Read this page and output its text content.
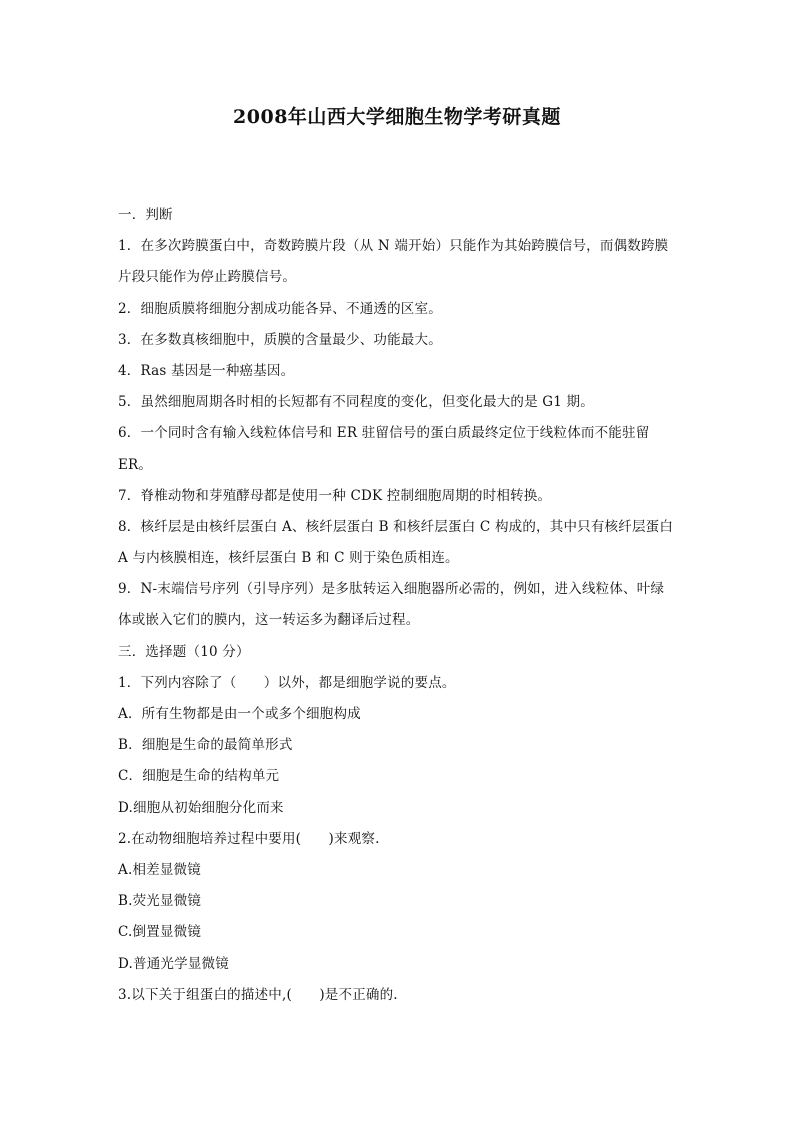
2008年山西大学细胞生物学考研真题
一．判断
1．在多次跨膜蛋白中，奇数跨膜片段（从 N 端开始）只能作为其始跨膜信号，而偶数跨膜
片段只能作为停止跨膜信号。
2．细胞质膜将细胞分割成功能各异、不通透的区室。
3．在多数真核细胞中，质膜的含量最少、功能最大。
4．Ras 基因是一种癌基因。
5．虽然细胞周期各时相的长短都有不同程度的变化，但变化最大的是 G1 期。
6．一个同时含有输入线粒体信号和 ER 驻留信号的蛋白质最终定位于线粒体而不能驻留
ER。
7．脊椎动物和芽殖酵母都是使用一种 CDK 控制细胞周期的时相转换。
8．核纤层是由核纤层蛋白 A、核纤层蛋白 B 和核纤层蛋白 C 构成的，其中只有核纤层蛋白
A 与内核膜相连，核纤层蛋白 B 和 C 则于染色质相连。
9．N-末端信号序列（引导序列）是多肽转运入细胞器所必需的，例如，进入线粒体、叶绿
体或嵌入它们的膜内，这一转运多为翻译后过程。
三．选择题（10 分）
1．下列内容除了（　　）以外，都是细胞学说的要点。
A．所有生物都是由一个或多个细胞构成
B．细胞是生命的最简单形式
C．细胞是生命的结构单元
D.细胞从初始细胞分化而来
2.在动物细胞培养过程中要用(　　)来观察.
A.相差显微镜
B.荧光显微镜
C.倒置显微镜
D.普通光学显微镜
3.以下关于组蛋白的描述中,(　　)是不正确的.
